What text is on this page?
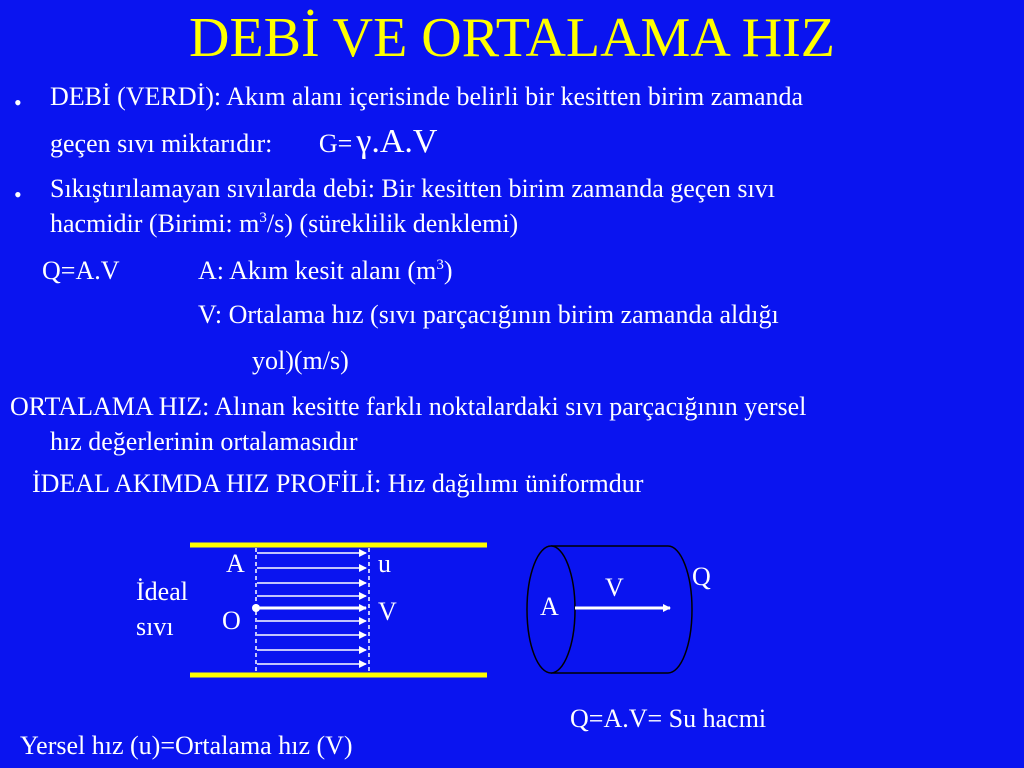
DEBİ VE ORTALAMA HIZ
• DEBİ (VERDİ): Akım alanı içerisinde belirli bir kesitten birim zamanda
geçen sıvı miktarıdır: G= γ.A.V
• Sıkıştırılamayan sıvılarda debi: Bir kesitten birim zamanda geçen sıvı
hacmidir (Birimi: $m^3/s$) (süreklilik denklemi)
Q=A.V	A: Akım kesit alanı $(m^3)$
V: Ortalama hız (sıvı parçacığının birim zamanda aldığı
yol)(m/s)
ORTALAMA HIZ: Alınan kesitte farklı noktalardaki sıvı parçacığının yersel
hız değerlerinin ortalamasıdır
İDEAL AKIMDA HIZ PROFİLİ: Hız dağılımı üniformdur
İdeal
sıvı
A
O
u
V	A
V	Q
Q=A.V= Su hacmi
Yersel hız (u)=Ortalama hız (V)
